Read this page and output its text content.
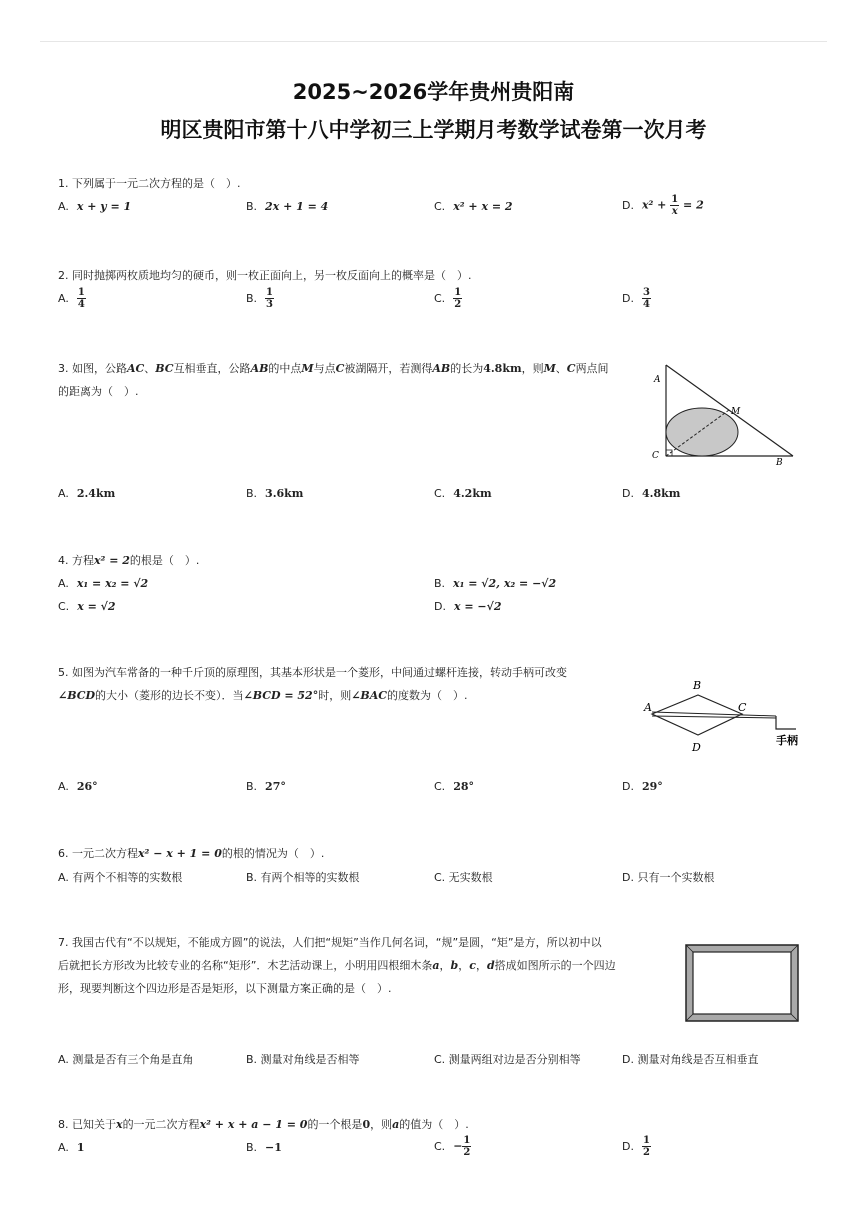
2025~2026学年贵州贵阳南
明区贵阳市第十八中学初三上学期月考数学试卷第一次月考
1. 下列属于一元二次方程的是（　）.
A. x + y = 1	B. 2x + 1 = 4	C. x² + x = 2	D. $x^2 + \frac{1}{x} = 2$
2. 同时抛掷两枚质地均匀的硬币，则一枚正面向上，另一枚反面向上的概率是（　）.
A. $\frac{1}{4}$	B. $\frac{1}{3}$	C. $\frac{1}{2}$	D. $\frac{3}{4}$
3. 如图，公路AC、BC互相垂直，公路AB的中点M与点C被湖隔开，若测得AB的长为4.8km，则M、C两点间
的距离为（　）.
A
M
C
B
A. 2.4km	B. 3.6km	C. 4.2km	D. 4.8km
4. 方程x² = 2的根是（　）.
A. x₁ = x₂ = √2	B. x₁ = √2, x₂ = −√2
C. x = √2	D. x = −√2
5. 如图为汽车常备的一种千斤顶的原理图，其基本形状是一个菱形，中间通过螺杆连接，转动手柄可改变
∠BCD的大小（菱形的边长不变）．当∠BCD = 52°时，则∠BAC的度数为（　）.
A
B
C
D
手柄
A. 26°	B. 27°	C. 28°	D. 29°
6. 一元二次方程x² − x + 1 = 0的根的情况为（　）.
A. 有两个不相等的实数根	B. 有两个相等的实数根	C. 无实数根	D. 只有一个实数根
7. 我国古代有“不以规矩，不能成方圆”的说法，人们把“规矩”当作几何名词，“规”是圆，“矩”是方，所以初中以
后就把长方形改为比较专业的名称“矩形”．木艺活动课上，小明用四根细木条a，b，c，d搭成如图所示的一个四边
形，现要判断这个四边形是否是矩形，以下测量方案正确的是（　）.
A. 测量是否有三个角是直角	B. 测量对角线是否相等	C. 测量两组对边是否分别相等	D. 测量对角线是否互相垂直
8. 已知关于x的一元二次方程x² + x + a − 1 = 0的一个根是0，则a的值为（　）.
A. 1	B. −1	C. − $\frac{1}{2}$	D. $\frac{1}{2}$
